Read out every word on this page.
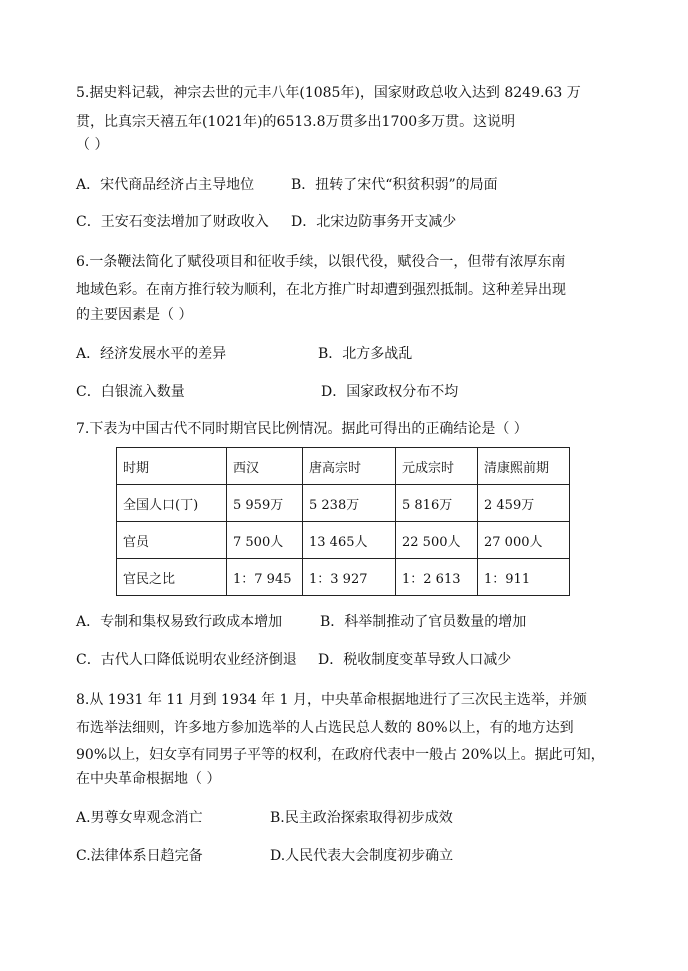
5.据史料记载，神宗去世的元丰八年(1085年)，国家财政总收入达到 8249.63 万
贯，比真宗天禧五年(1021年)的6513.8万贯多出1700多万贯。这说明
（ ）
A．宋代商品经济占主导地位	B．扭转了宋代“积贫积弱”的局面
C．王安石变法增加了财政收入 D．北宋边防事务开支减少
6.一条鞭法简化了赋役项目和征收手续，以银代役，赋役合一，但带有浓厚东南
地域色彩。在南方推行较为顺利，在北方推广时却遭到强烈抵制。这种差异出现
的主要因素是（ ）
A．经济发展水平的差异	B．北方多战乱
C．白银流入数量	D．国家政权分布不均
7.下表为中国古代不同时期官民比例情况。据此可得出的正确结论是（ ）
时期	西汉	唐高宗时	元成宗时	清康熙前期
全国人口(丁)	5 959万	5 238万	5 816万	2 459万
官员	7 500人	13 465人	22 500人	27 000人
官民之比	1：7 945	1：3 927	1：2 613	1：911
A．专制和集权易致行政成本增加	B．科举制推动了官员数量的增加
C．古代人口降低说明农业经济倒退 D．税收制度变革导致人口减少
8.从 1931 年 11 月到 1934 年 1 月，中央革命根据地进行了三次民主选举，并颁
布选举法细则，许多地方参加选举的人占选民总人数的 80%以上，有的地方达到
90%以上，妇女享有同男子平等的权利，在政府代表中一般占 20%以上。据此可知，
在中央革命根据地（ ）
A.男尊女卑观念消亡	B.民主政治探索取得初步成效
C.法律体系日趋完备	D.人民代表大会制度初步确立
